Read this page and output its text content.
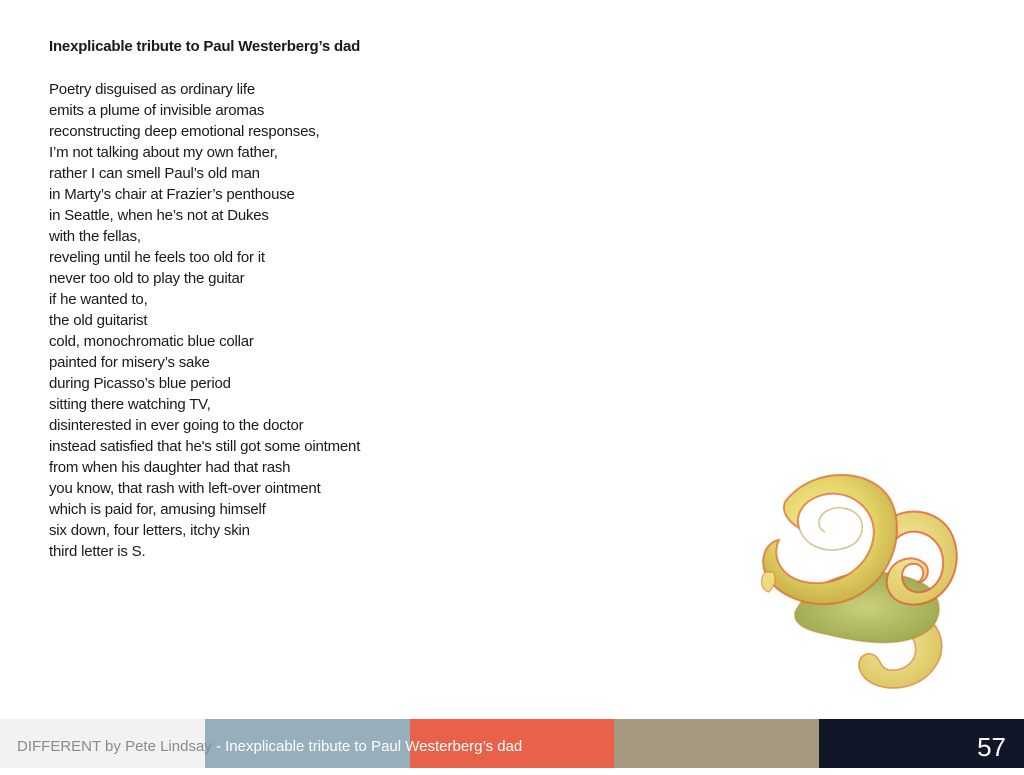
Inexplicable tribute to Paul Westerberg’s dad
Poetry disguised as ordinary life
emits a plume of invisible aromas
reconstructing deep emotional responses,
I’m not talking about my own father,
rather I can smell Paul’s old man
in Marty’s chair at Frazier’s penthouse
in Seattle, when he’s not at Dukes
with the fellas,
reveling until he feels too old for it
never too old to play the guitar
if he wanted to,
the old guitarist
cold, monochromatic blue collar
painted for misery’s sake
during Picasso’s blue period
sitting there watching TV,
disinterested in ever going to the doctor
instead satisfied that he's still got some ointment
from when his daughter had that rash
you know, that rash with left-over ointment
which is paid for, amusing himself
six down, four letters, itchy skin
third letter is S.
DIFFERENT by Pete Lindsay - Inexplicable tribute to Paul Westerberg’s dad	57
